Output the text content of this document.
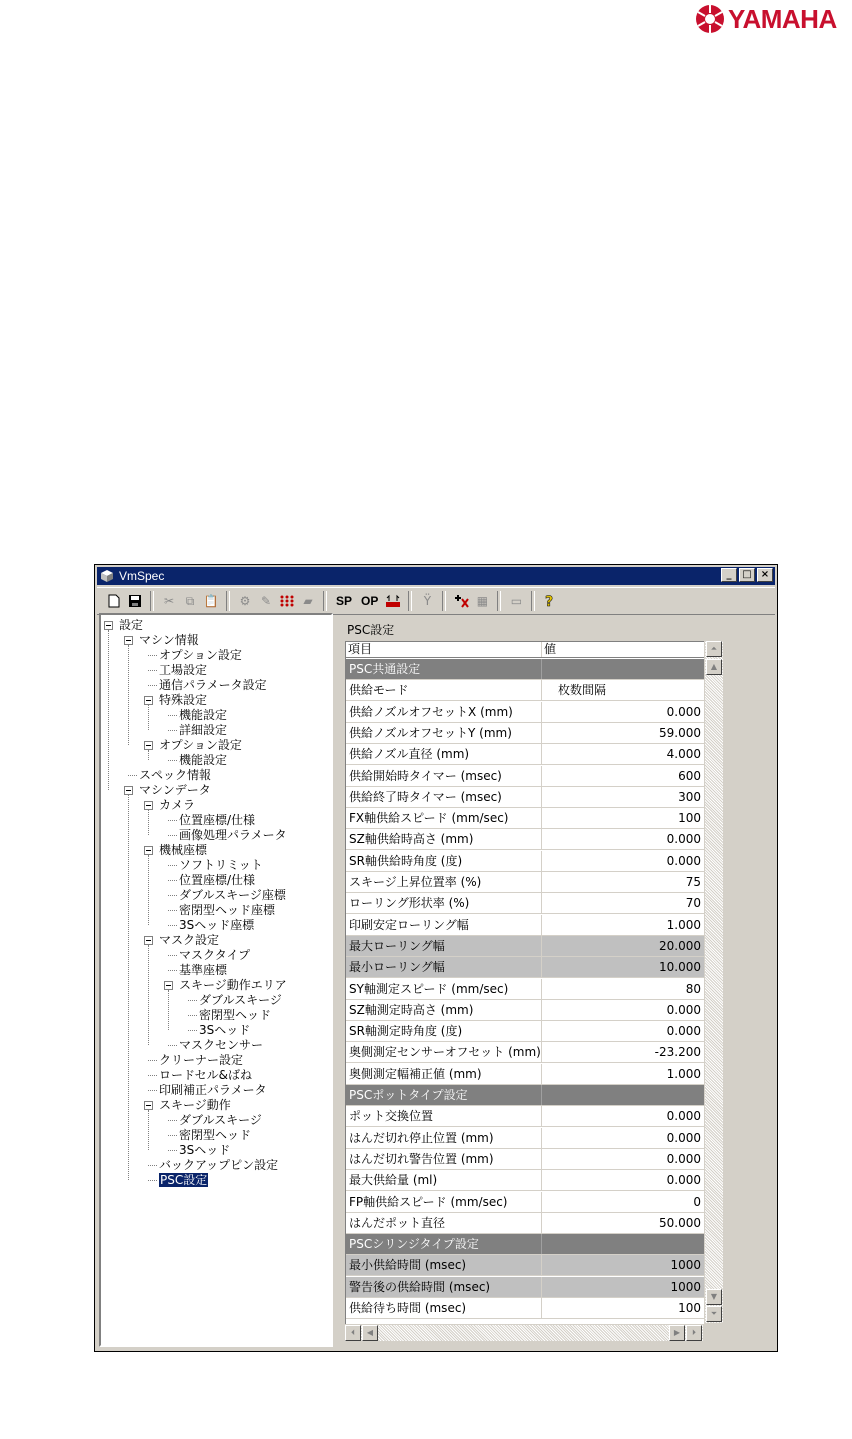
YAMAHA
VmSpec	_	□ ×
✂ ⧉ 📋	⚙ ✎	▰	SP OP	Ÿ	▦ ▭ ?
設定
マシン情報
オプション設定
工場設定
通信パラメータ設定
特殊設定
機能設定
詳細設定
オプション設定
機能設定
スペック情報
マシンデータ
カメラ
位置座標/仕様
画像処理パラメータ
機械座標
ソフトリミット
位置座標/仕様
ダブルスキージ座標
密閉型ヘッド座標
3Sヘッド座標
マスク設定
マスクタイプ
基準座標
スキージ動作エリア
ダブルスキージ
密閉型ヘッド
3Sヘッド
マスクセンサー
クリーナー設定
ロードセル&ばね
印刷補正パラメータ
スキージ動作
ダブルスキージ
密閉型ヘッド
3Sヘッド
バックアップピン設定
PSC設定
PSC設定
項目	値
PSC共通設定
供給モード	枚数間隔
供給ノズルオフセットX (mm)	0.000
供給ノズルオフセットY (mm)	59.000
供給ノズル直径 (mm)	4.000
供給開始時タイマー (msec)	600
供給終了時タイマー (msec)	300
FX軸供給スピード (mm/sec)	100
SZ軸供給時高さ (mm)	0.000
SR軸供給時角度 (度)	0.000
スキージ上昇位置率 (%)	75
ローリング形状率 (%)	70
印刷安定ローリング幅	1.000
最大ローリング幅	20.000
最小ローリング幅	10.000
SY軸測定スピード (mm/sec)	80
SZ軸測定時高さ (mm)	0.000
SR軸測定時角度 (度)	0.000
奥側測定センサーオフセット (mm)	-23.200
奥側測定幅補正値 (mm)	1.000
PSCポットタイプ設定
ポット交換位置	0.000
はんだ切れ停止位置 (mm)	0.000
はんだ切れ警告位置 (mm)	0.000
最大供給量 (ml)	0.000
FP軸供給スピード (mm/sec)	0
はんだポット直径	50.000
PSCシリンジタイプ設定
最小供給時間 (msec)	1000
警告後の供給時間 (msec)	1000
供給待ち時間 (msec)	100
⏶
▲
▼
⏷
⏴	◀	▶	⏵
